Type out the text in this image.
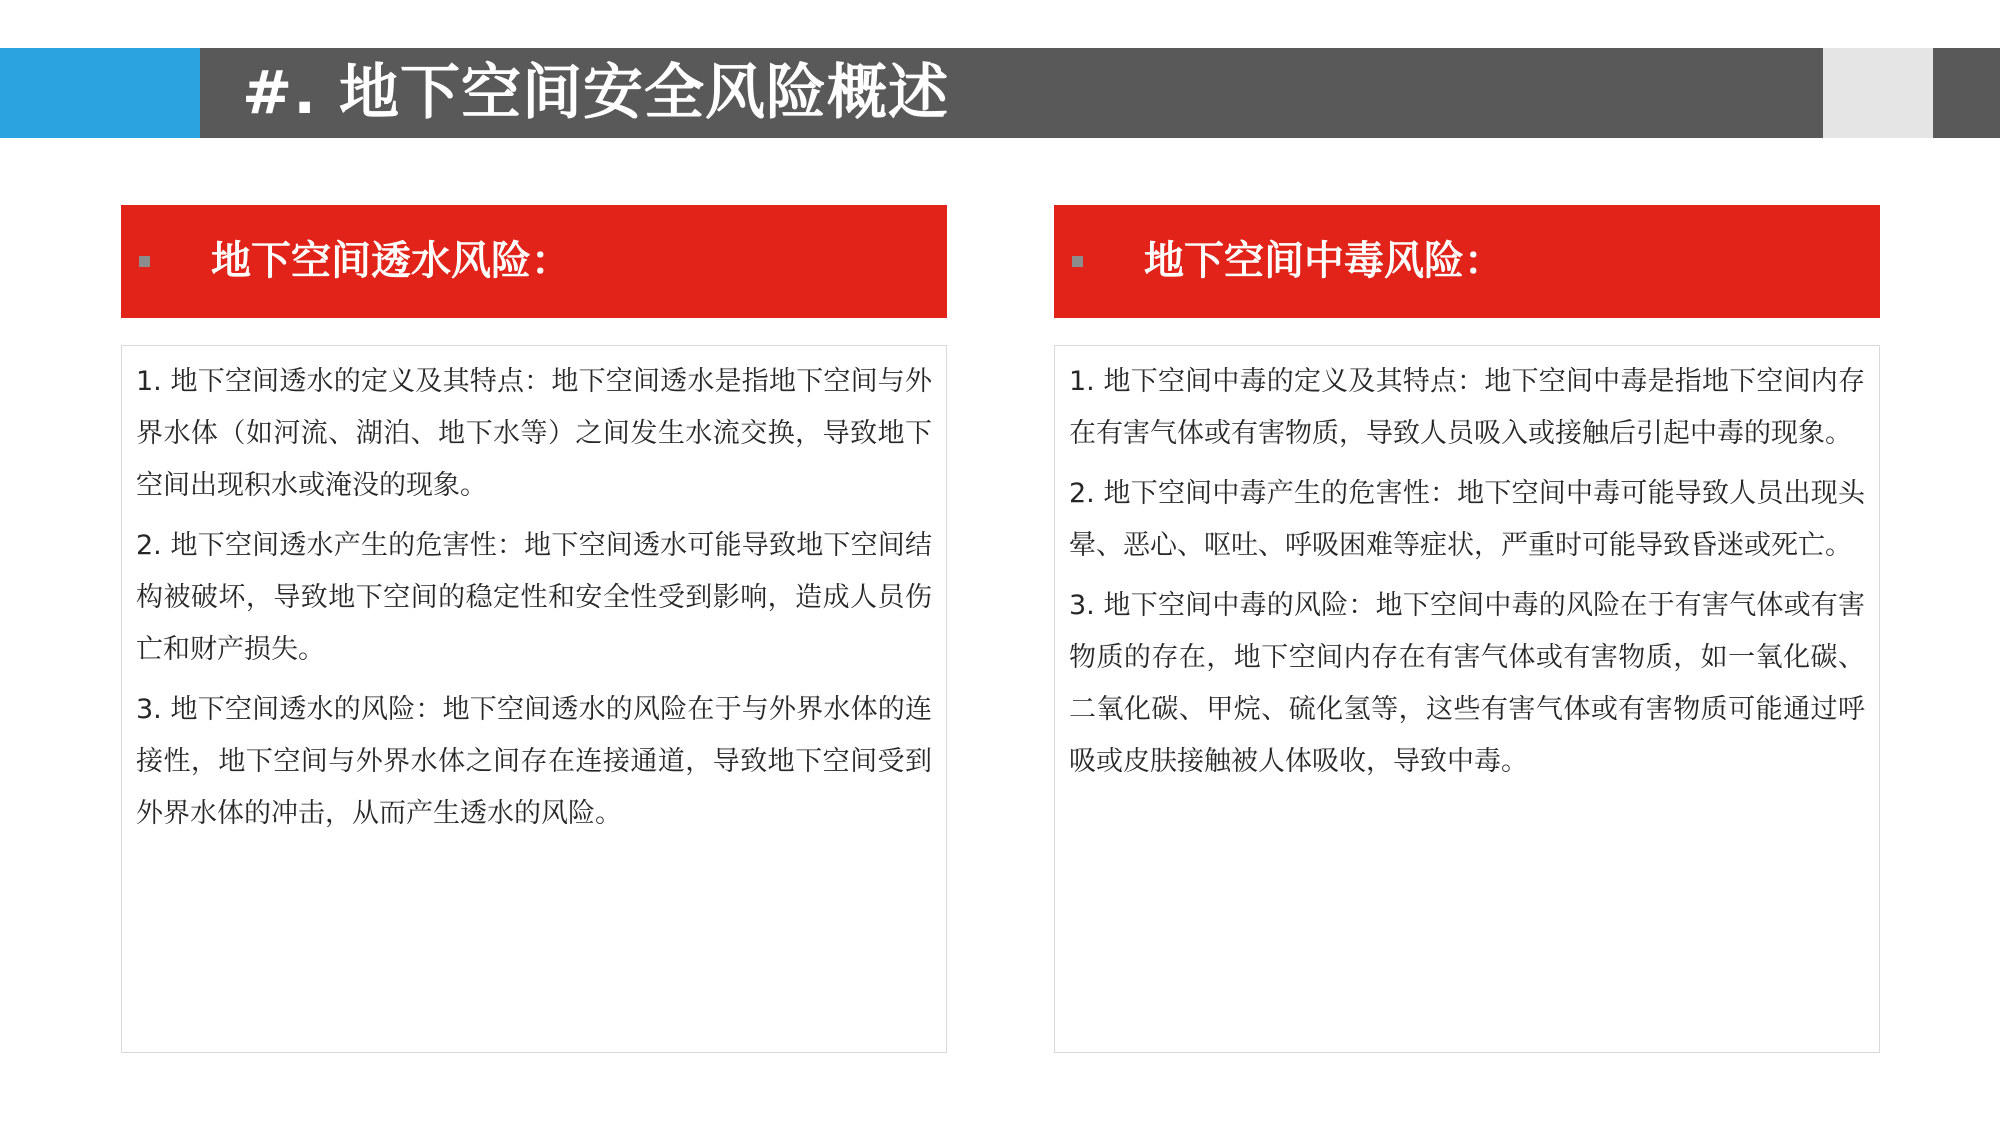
#. 地下空间安全风险概述
地下空间透水风险：

1. 地下空间透水的定义及其特点：地下空间透水是指地下空间与外界水体（如河流、湖泊、地下水等）之间发生水流交换，导致地下空间出现积水或淹没的现象。

2. 地下空间透水产生的危害性：地下空间透水可能导致地下空间结构被破坏，导致地下空间的稳定性和安全性受到影响，造成人员伤亡和财产损失。

3. 地下空间透水的风险：地下空间透水的风险在于与外界水体的连接性，地下空间与外界水体之间存在连接通道，导致地下空间受到外界水体的冲击，从而产生透水的风险。

地下空间中毒风险：

1. 地下空间中毒的定义及其特点：地下空间中毒是指地下空间内存在有害气体或有害物质，导致人员吸入或接触后引起中毒的现象。

2. 地下空间中毒产生的危害性：地下空间中毒可能导致人员出现头晕、恶心、呕吐、呼吸困难等症状，严重时可能导致昏迷或死亡。

3. 地下空间中毒的风险：地下空间中毒的风险在于有害气体或有害物质的存在，地下空间内存在有害气体或有害物质，如一氧化碳、二氧化碳、甲烷、硫化氢等，这些有害气体或有害物质可能通过呼吸或皮肤接触被人体吸收，导致中毒。
